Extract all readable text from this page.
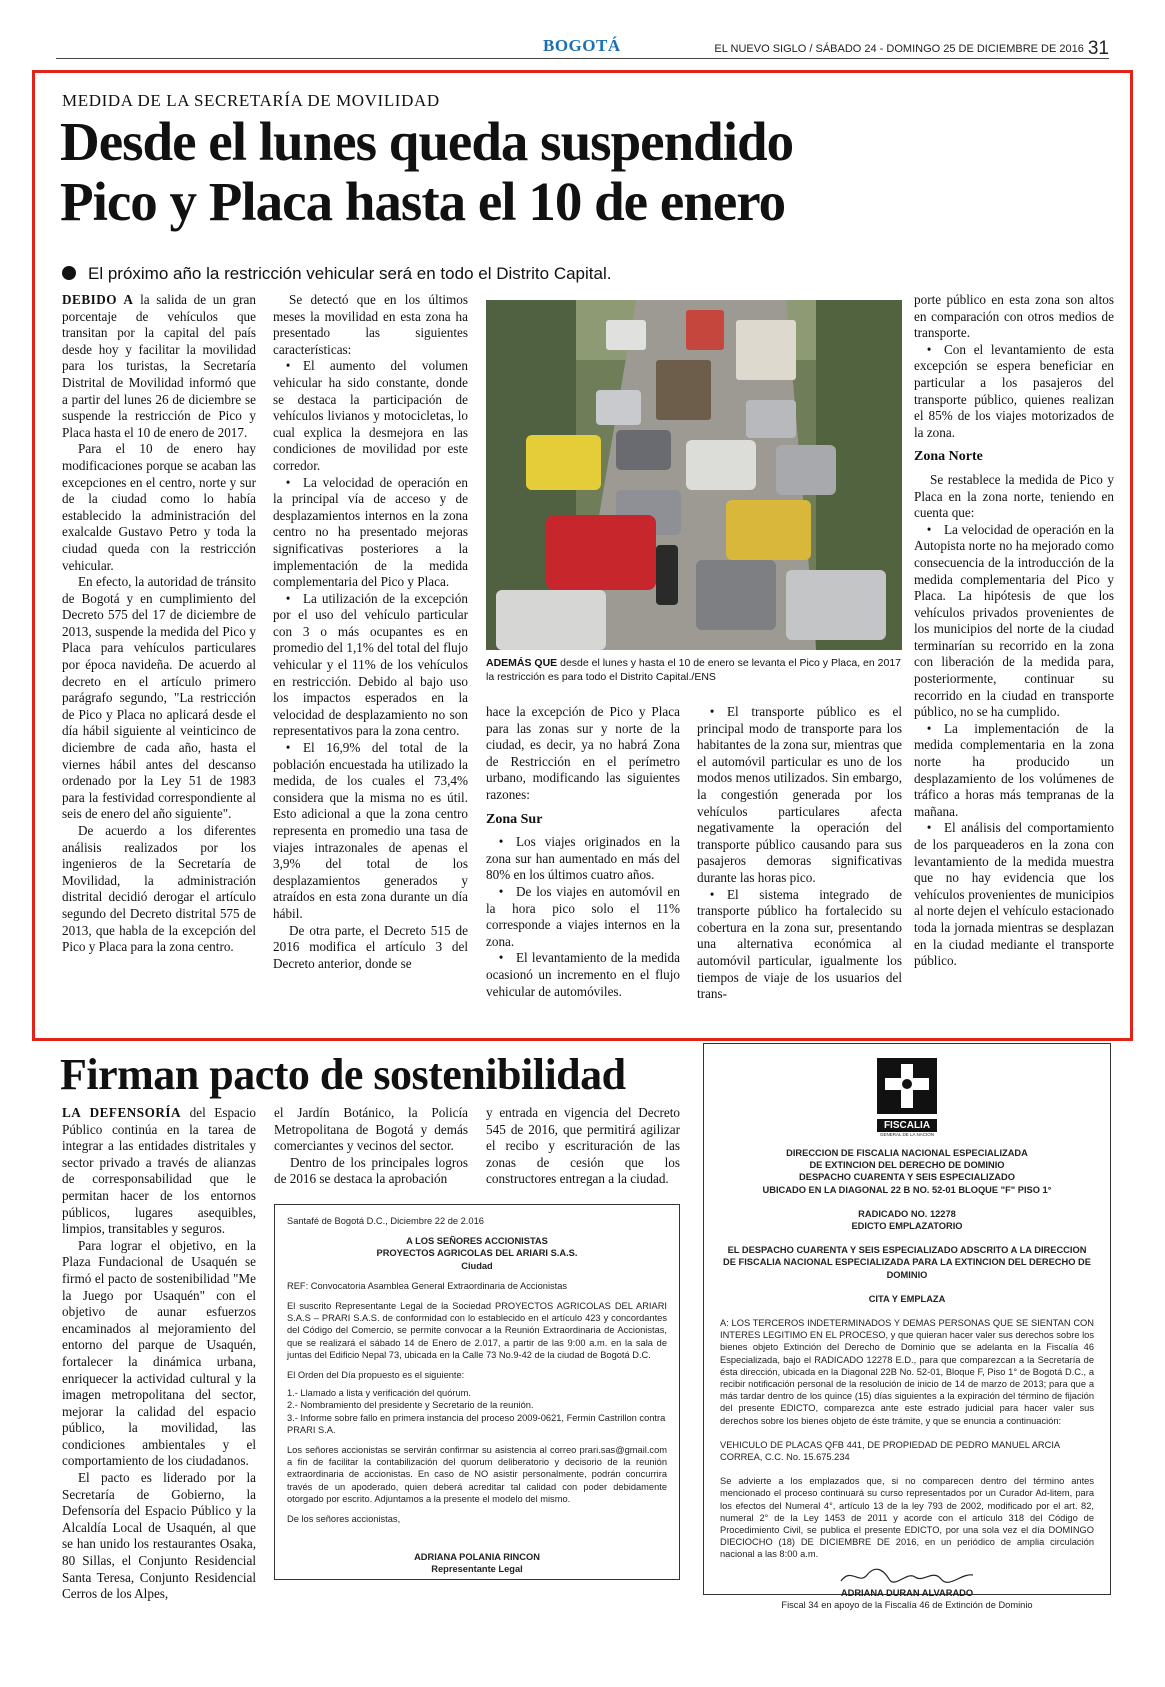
BOGOTÁ	EL NUEVO SIGLO / SÁBADO 24 - DOMINGO 25 DE DICIEMBRE DE 2016 31
MEDIDA DE LA SECRETARÍA DE MOVILIDAD
Desde el lunes queda suspendido
Pico y Placa hasta el 10 de enero
El próximo año la restricción vehicular será en todo el Distrito Capital.

DEBIDO A la salida de un gran porcentaje de vehículos que transitan por la capital del país desde hoy y facilitar la movilidad para los turistas, la Secretaría Distrital de Movilidad informó que a partir del lunes 26 de diciembre se suspende la restricción de Pico y Placa hasta el 10 de enero de 2017.

Para el 10 de enero hay modificaciones porque se acaban las excepciones en el centro, norte y sur de la ciudad como lo había establecido la administración del exalcalde Gustavo Petro y toda la ciudad queda con la restricción vehicular.

En efecto, la autoridad de tránsito de Bogotá y en cumplimiento del Decreto 575 del 17 de diciembre de 2013, suspende la medida del Pico y Placa para vehículos particulares por época navideña. De acuerdo al decreto en el artículo primero parágrafo segundo, "La restricción de Pico y Placa no aplicará desde el día hábil siguiente al veinticinco de diciembre de cada año, hasta el viernes hábil antes del descanso ordenado por la Ley 51 de 1983 para la festividad correspondiente al seis de enero del año siguiente".

De acuerdo a los diferentes análisis realizados por los ingenieros de la Secretaría de Movilidad, la administración distrital decidió derogar el artículo segundo del Decreto distrital 575 de 2013, que habla de la excepción del Pico y Placa para la zona centro.

Se detectó que en los últimos meses la movilidad en esta zona ha presentado las siguientes características:

• El aumento del volumen vehicular ha sido constante, donde se destaca la participación de vehículos livianos y motocicletas, lo cual explica la desmejora en las condiciones de movilidad por este corredor.

• La velocidad de operación en la principal vía de acceso y de desplazamientos internos en la zona centro no ha presentado mejoras significativas posteriores a la implementación de la medida complementaria del Pico y Placa.

• La utilización de la excepción por el uso del vehículo particular con 3 o más ocupantes es en promedio del 1,1% del total del flujo vehicular y el 11% de los vehículos en restricción. Debido al bajo uso los impactos esperados en la velocidad de desplazamiento no son representativos para la zona centro.

• El 16,9% del total de la población encuestada ha utilizado la medida, de los cuales el 73,4% considera que la misma no es útil. Esto adicional a que la zona centro representa en promedio una tasa de viajes intrazonales de apenas el 3,9% del total de los desplazamientos generados y atraídos en esta zona durante un día hábil.

De otra parte, el Decreto 515 de 2016 modifica el artículo 3 del Decreto anterior, donde se

ADEMÁS QUE desde el lunes y hasta el 10 de enero se levanta el Pico y Placa, en 2017 la restricción es para todo el Distrito Capital./ENS

hace la excepción de Pico y Placa para las zonas sur y norte de la ciudad, es decir, ya no habrá Zona de Restricción en el perímetro urbano, modificando las siguientes razones:

Zona Sur

• Los viajes originados en la zona sur han aumentado en más del 80% en los últimos cuatro años.

• De los viajes en automóvil en la hora pico solo el 11% corresponde a viajes internos en la zona.

• El levantamiento de la medida ocasionó un incremento en el flujo vehicular de automóviles.

• El transporte público es el principal modo de transporte para los habitantes de la zona sur, mientras que el automóvil particular es uno de los modos menos utilizados. Sin embargo, la congestión generada por los vehículos particulares afecta negativamente la operación del transporte público causando para sus pasajeros demoras significativas durante las horas pico.

• El sistema integrado de transporte público ha fortalecido su cobertura en la zona sur, presentando una alternativa económica al automóvil particular, igualmente los tiempos de viaje de los usuarios del trans-

porte público en esta zona son altos en comparación con otros medios de transporte.

• Con el levantamiento de esta excepción se espera beneficiar en particular a los pasajeros del transporte público, quienes realizan el 85% de los viajes motorizados de la zona.

Zona Norte

Se restablece la medida de Pico y Placa en la zona norte, teniendo en cuenta que:

• La velocidad de operación en la Autopista norte no ha mejorado como consecuencia de la introducción de la medida complementaria del Pico y Placa. La hipótesis de que los vehículos privados provenientes de los municipios del norte de la ciudad terminarían su recorrido en la zona con liberación de la medida para, posteriormente, continuar su recorrido en la ciudad en transporte público, no se ha cumplido.

• La implementación de la medida complementaria en la zona norte ha producido un desplazamiento de los volúmenes de tráfico a horas más tempranas de la mañana.

• El análisis del comportamiento de los parqueaderos en la zona con levantamiento de la medida muestra que no hay evidencia que los vehículos provenientes de municipios al norte dejen el vehículo estacionado toda la jornada mientras se desplazan en la ciudad mediante el transporte público.

Firman pacto de sostenibilidad

LA DEFENSORÍA del Espacio Público continúa en la tarea de integrar a las entidades distritales y sector privado a través de alianzas de corresponsabilidad que le permitan hacer de los entornos públicos, lugares asequibles, limpios, transitables y seguros.

Para lograr el objetivo, en la Plaza Fundacional de Usaquén se firmó el pacto de sostenibilidad "Me la Juego por Usaquén" con el objetivo de aunar esfuerzos encaminados al mejoramiento del entorno del parque de Usaquén, fortalecer la dinámica urbana, enriquecer la actividad cultural y la imagen metropolitana del sector, mejorar la calidad del espacio público, la movilidad, las condiciones ambientales y el comportamiento de los ciudadanos.

El pacto es liderado por la Secretaría de Gobierno, la Defensoría del Espacio Público y la Alcaldía Local de Usaquén, al que se han unido los restaurantes Osaka, 80 Sillas, el Conjunto Residencial Santa Teresa, Conjunto Residencial Cerros de los Alpes,

el Jardín Botánico, la Policía Metropolitana de Bogotá y demás comerciantes y vecinos del sector.

Dentro de los principales logros de 2016 se destaca la aprobación

y entrada en vigencia del Decreto 545 de 2016, que permitirá agilizar el recibo y escrituración de las zonas de cesión que los constructores entregan a la ciudad.

Santafé de Bogotá D.C., Diciembre 22 de 2.016
A LOS SEÑORES ACCIONISTAS
PROYECTOS AGRICOLAS DEL ARIARI S.A.S.
Ciudad
REF: Convocatoria Asamblea General Extraordinaria de Accionistas
El suscrito Representante Legal de la Sociedad PROYECTOS AGRICOLAS DEL ARIARI S.A.S – PRARI S.A.S. de conformidad con lo establecido en el artículo 423 y concordantes del Código del Comercio, se permite convocar a la Reunión Extraordinaria de Accionistas, que se realizará el sábado 14 de Enero de 2.017, a partir de las 9:00 a.m. en la sala de juntas del Edificio Nepal 73, ubicada en la Calle 73 No.9-42 de la ciudad de Bogotá D.C.
El Orden del Día propuesto es el siguiente:
1.- Llamado a lista y verificación del quórum.
2.- Nombramiento del presidente y Secretario de la reunión.
3.- Informe sobre fallo en primera instancia del proceso 2009-0621, Fermin Castrillon contra PRARI S.A.
Los señores accionistas se servirán confirmar su asistencia al correo prari.sas@gmail.com a fin de facilitar la contabilización del quorum deliberatorio y decisorio de la reunión extraordinaria de accionistas. En caso de NO asistir personalmente, podrán concurrira través de un apoderado, quien deberá acreditar tal calidad con poder debidamente otorgado por escrito. Adjuntamos a la presente el modelo del mismo.
De los señores accionistas,
ADRIANA POLANIA RINCON
Representante Legal
FISCALIA
GENERAL DE LA NACION
DIRECCION DE FISCALIA NACIONAL ESPECIALIZADA
DE EXTINCION DEL DERECHO DE DOMINIO
DESPACHO CUARENTA Y SEIS ESPECIALIZADO
UBICADO EN LA DIAGONAL 22 B NO. 52-01 BLOQUE "F" PISO 1°
RADICADO NO. 12278
EDICTO EMPLAZATORIO
EL DESPACHO CUARENTA Y SEIS ESPECIALIZADO ADSCRITO A LA DIRECCION DE FISCALIA NACIONAL ESPECIALIZADA PARA LA EXTINCION DEL DERECHO DE DOMINIO
CITA Y EMPLAZA
A: LOS TERCEROS INDETERMINADOS Y DEMAS PERSONAS QUE SE SIENTAN CON INTERES LEGITIMO EN EL PROCESO, y que quieran hacer valer sus derechos sobre los bienes objeto Extinción del Derecho de Dominio que se adelanta en la Fiscalía 46 Especializada, bajo el RADICADO 12278 E.D., para que comparezcan a la Secretaría de ésta dirección, ubicada en la Diagonal 22B No. 52-01, Bloque F, Piso 1° de Bogotá D.C., a recibir notificación personal de la resolución de inicio de 14 de marzo de 2013; para que a más tardar dentro de los quince (15) días siguientes a la expiración del término de fijación del presente EDICTO, comparezca ante este estrado judicial para hacer valer sus derechos sobre los bienes objeto de éste trámite, y que se enuncia a continuación:
VEHICULO DE PLACAS QFB 441, DE PROPIEDAD DE PEDRO MANUEL ARCIA CORREA, C.C. No. 15.675.234
Se advierte a los emplazados que, si no comparecen dentro del término antes mencionado el proceso continuará su curso representados por un Curador Ad-litem, para los efectos del Numeral 4°, artículo 13 de la ley 793 de 2002, modificado por el art. 82, numeral 2° de la Ley 1453 de 2011 y acorde con el artículo 318 del Código de Procedimiento Civil, se publica el presente EDICTO, por una sola vez el día DOMINGO DIECIOCHO (18) DE DICIEMBRE DE 2016, en un periódico de amplia circulación nacional a las 8:00 a.m.
ADRIANA DURAN ALVARADO
Fiscal 34 en apoyo de la Fiscalía 46 de Extinción de Dominio
